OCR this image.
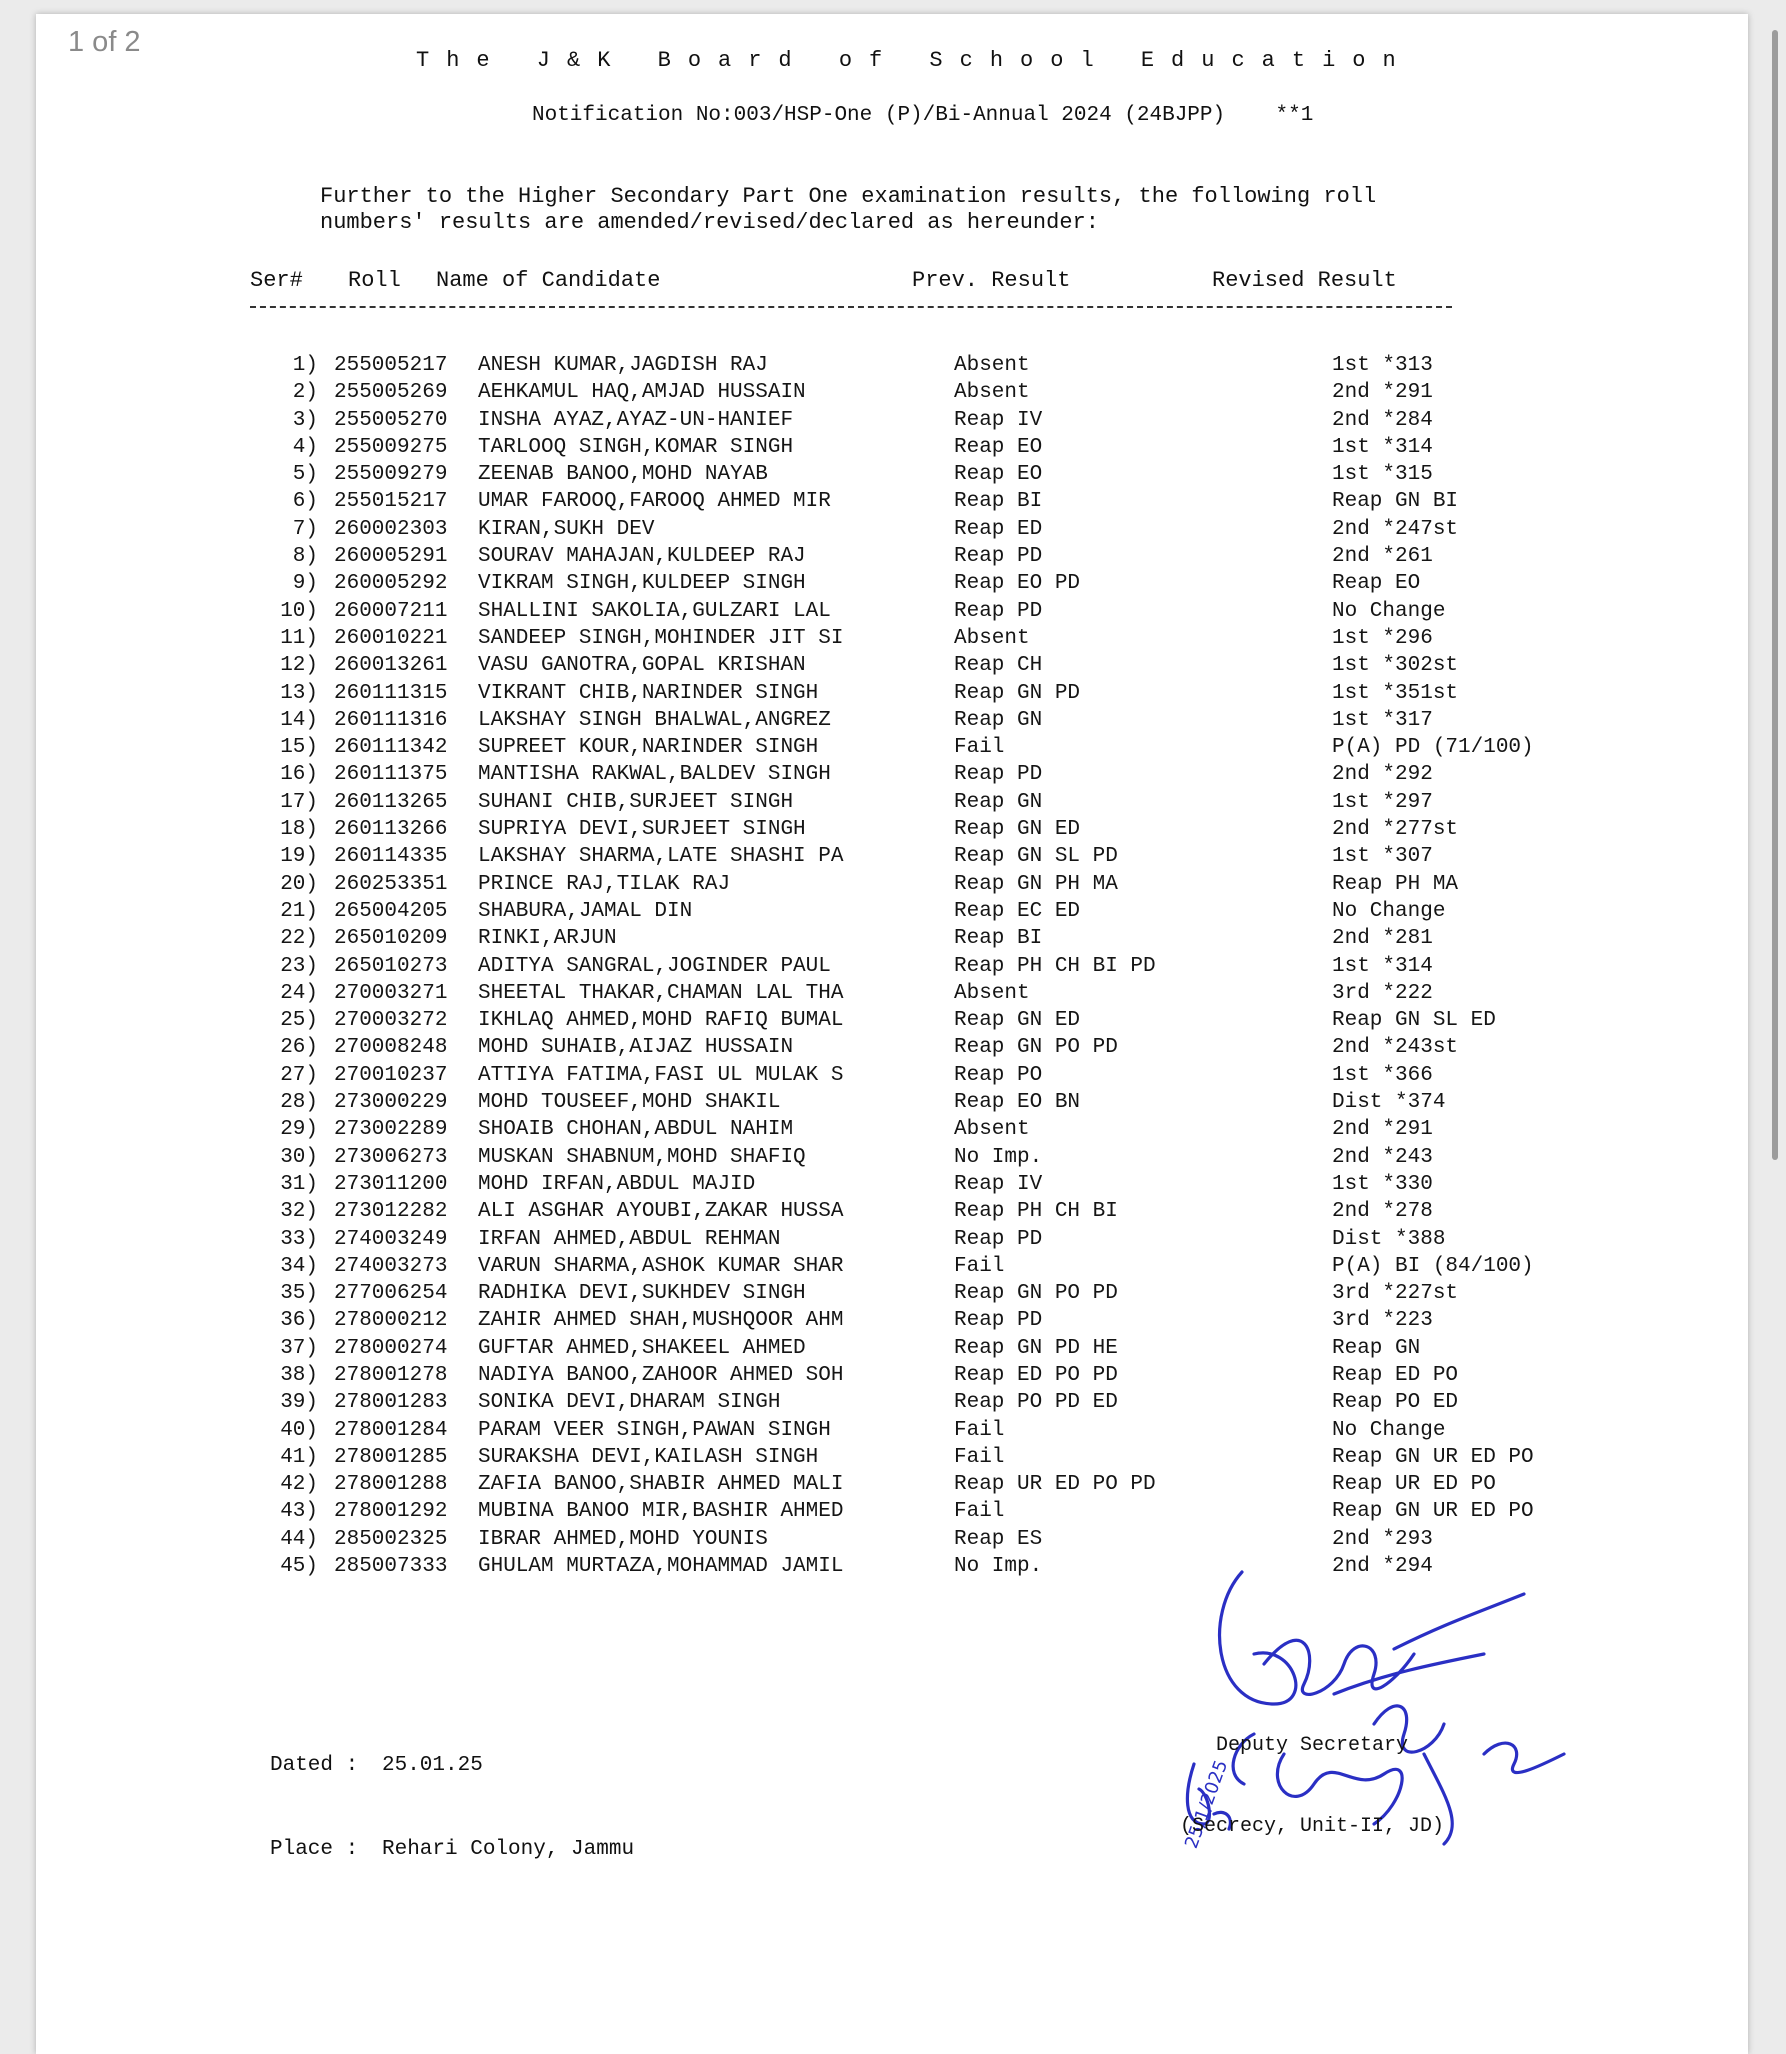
1 of 2
The J&K Board of School Education
Notification No:003/HSP-One (P)/Bi-Annual 2024 (24BJPP)    **1
Further to the Higher Secondary Part One examination results, the following roll numbers' results are amended/revised/declared as hereunder:
Ser# Roll Name of Candidate	Prev. Result	Revised Result
1) 255005217 ANESH KUMAR,JAGDISH RAJ	Absent	1st *313
2) 255005269 AEHKAMUL HAQ,AMJAD HUSSAIN	Absent	2nd *291
3) 255005270 INSHA AYAZ,AYAZ-UN-HANIEF	Reap IV	2nd *284
4) 255009275 TARLOOQ SINGH,KOMAR SINGH	Reap EO	1st *314
5) 255009279 ZEENAB BANOO,MOHD NAYAB	Reap EO	1st *315
6) 255015217 UMAR FAROOQ,FAROOQ AHMED MIR	Reap BI	Reap GN BI
7) 260002303 KIRAN,SUKH DEV	Reap ED	2nd *247st
8) 260005291 SOURAV MAHAJAN,KULDEEP RAJ	Reap PD	2nd *261
9) 260005292 VIKRAM SINGH,KULDEEP SINGH	Reap EO PD	Reap EO
10) 260007211 SHALLINI SAKOLIA,GULZARI LAL	Reap PD	No Change
11) 260010221 SANDEEP SINGH,MOHINDER JIT SI	Absent	1st *296
12) 260013261 VASU GANOTRA,GOPAL KRISHAN	Reap CH	1st *302st
13) 260111315 VIKRANT CHIB,NARINDER SINGH	Reap GN PD	1st *351st
14) 260111316 LAKSHAY SINGH BHALWAL,ANGREZ	Reap GN	1st *317
15) 260111342 SUPREET KOUR,NARINDER SINGH	Fail	P(A) PD (71/100)
16) 260111375 MANTISHA RAKWAL,BALDEV SINGH	Reap PD	2nd *292
17) 260113265 SUHANI CHIB,SURJEET SINGH	Reap GN	1st *297
18) 260113266 SUPRIYA DEVI,SURJEET SINGH	Reap GN ED	2nd *277st
19) 260114335 LAKSHAY SHARMA,LATE SHASHI PA	Reap GN SL PD	1st *307
20) 260253351 PRINCE RAJ,TILAK RAJ	Reap GN PH MA	Reap PH MA
21) 265004205 SHABURA,JAMAL DIN	Reap EC ED	No Change
22) 265010209 RINKI,ARJUN	Reap BI	2nd *281
23) 265010273 ADITYA SANGRAL,JOGINDER PAUL	Reap PH CH BI PD	1st *314
24) 270003271 SHEETAL THAKAR,CHAMAN LAL THA	Absent	3rd *222
25) 270003272 IKHLAQ AHMED,MOHD RAFIQ BUMAL	Reap GN ED	Reap GN SL ED
26) 270008248 MOHD SUHAIB,AIJAZ HUSSAIN	Reap GN PO PD	2nd *243st
27) 270010237 ATTIYA FATIMA,FASI UL MULAK S	Reap PO	1st *366
28) 273000229 MOHD TOUSEEF,MOHD SHAKIL	Reap EO BN	Dist *374
29) 273002289 SHOAIB CHOHAN,ABDUL NAHIM	Absent	2nd *291
30) 273006273 MUSKAN SHABNUM,MOHD SHAFIQ	No Imp.	2nd *243
31) 273011200 MOHD IRFAN,ABDUL MAJID	Reap IV	1st *330
32) 273012282 ALI ASGHAR AYOUBI,ZAKAR HUSSA	Reap PH CH BI	2nd *278
33) 274003249 IRFAN AHMED,ABDUL REHMAN	Reap PD	Dist *388
34) 274003273 VARUN SHARMA,ASHOK KUMAR SHAR	Fail	P(A) BI (84/100)
35) 277006254 RADHIKA DEVI,SUKHDEV SINGH	Reap GN PO PD	3rd *227st
36) 278000212 ZAHIR AHMED SHAH,MUSHQOOR AHM	Reap PD	3rd *223
37) 278000274 GUFTAR AHMED,SHAKEEL AHMED	Reap GN PD HE	Reap GN
38) 278001278 NADIYA BANOO,ZAHOOR AHMED SOH	Reap ED PO PD	Reap ED PO
39) 278001283 SONIKA DEVI,DHARAM SINGH	Reap PO PD ED	Reap PO ED
40) 278001284 PARAM VEER SINGH,PAWAN SINGH	Fail	No Change
41) 278001285 SURAKSHA DEVI,KAILASH SINGH	Fail	Reap GN UR ED PO
42) 278001288 ZAFIA BANOO,SHABIR AHMED MALI	Reap UR ED PO PD	Reap UR ED PO
43) 278001292 MUBINA BANOO MIR,BASHIR AHMED	Fail	Reap GN UR ED PO
44) 285002325 IBRAR AHMED,MOHD YOUNIS	Reap ES	2nd *293
45) 285007333 GHULAM MURTAZA,MOHAMMAD JAMIL	No Imp.	2nd *294

Dated : 25.01.25

Place : Rehari Colony, Jammu

	25/1/2025

Deputy Secretary

(Secrecy, Unit-II, JD)
